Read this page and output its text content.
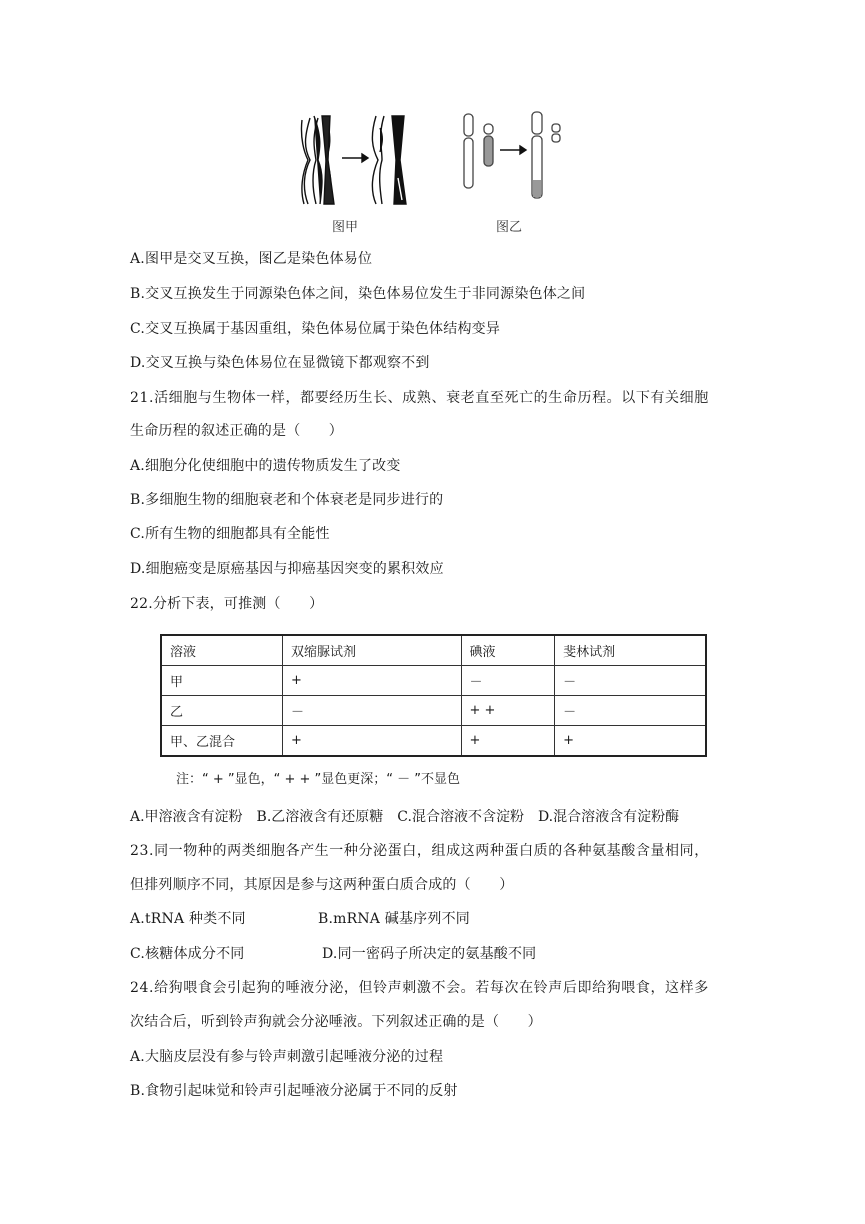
图甲	图乙
A.图甲是交叉互换，图乙是染色体易位
B.交叉互换发生于同源染色体之间，染色体易位发生于非同源染色体之间
C.交叉互换属于基因重组，染色体易位属于染色体结构变异
D.交叉互换与染色体易位在显微镜下都观察不到
21.活细胞与生物体一样，都要经历生长、成熟、衰老直至死亡的生命历程。以下有关细胞
生命历程的叙述正确的是（　　）
A.细胞分化使细胞中的遗传物质发生了改变
B.多细胞生物的细胞衰老和个体衰老是同步进行的
C.所有生物的细胞都具有全能性
D.细胞癌变是原癌基因与抑癌基因突变的累积效应
22.分析下表，可推测（　　）
溶液	双缩脲试剂	碘液	斐林试剂
甲	+	－	－
乙	－	+ +	－
甲、乙混合	+	+	+
注：“ + ”显色，“ + + ”显色更深；“ － ”不显色
A.甲溶液含有淀粉　B.乙溶液含有还原糖　C.混合溶液不含淀粉　D.混合溶液含有淀粉酶
23.同一物种的两类细胞各产生一种分泌蛋白，组成这两种蛋白质的各种氨基酸含量相同，
但排列顺序不同，其原因是参与这两种蛋白质合成的（　　）
A.tRNA 种类不同	B.mRNA 碱基序列不同
C.核糖体成分不同	D.同一密码子所决定的氨基酸不同
24.给狗喂食会引起狗的唾液分泌，但铃声刺激不会。若每次在铃声后即给狗喂食，这样多
次结合后，听到铃声狗就会分泌唾液。下列叙述正确的是（　　）
A.大脑皮层没有参与铃声刺激引起唾液分泌的过程
B.食物引起味觉和铃声引起唾液分泌属于不同的反射
